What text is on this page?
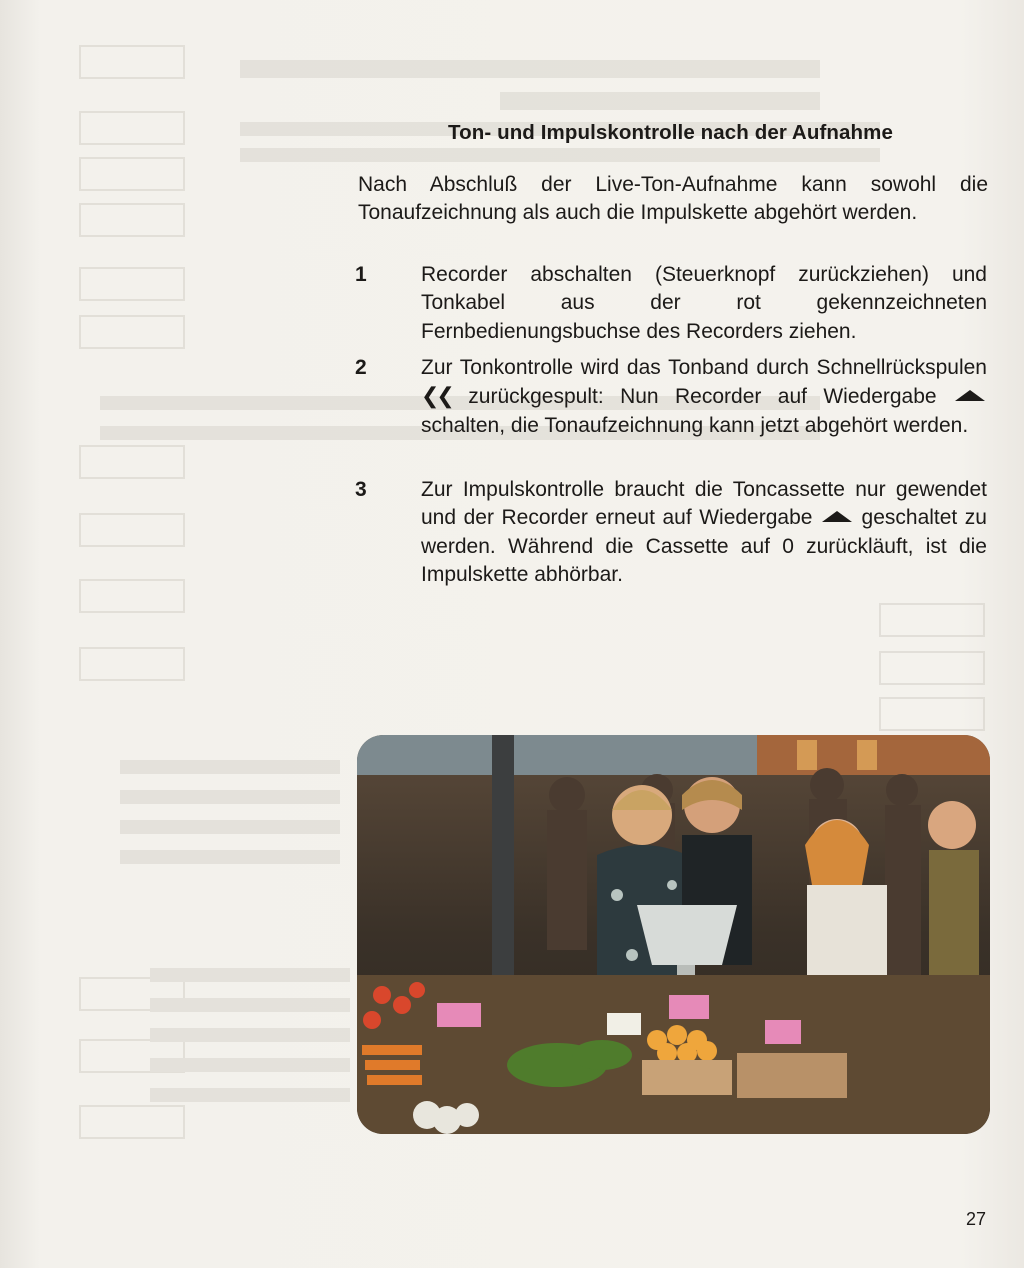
Ton- und Impulskontrolle nach der Aufnahme

Nach Abschluß der Live-Ton-Aufnahme kann sowohl die Tonaufzeichnung als auch die Impulskette abgehört werden.

1	Recorder abschalten (Steuerknopf zurückziehen) und Tonkabel aus der rot gekennzeichneten Fernbedienungsbuchse des Recorders ziehen.

2	Zur Tonkontrolle wird das Tonband durch Schnellrückspulen ❮❮ zurückgespult: Nun Recorder auf Wiedergabe  schalten, die Tonaufzeichnung kann jetzt abgehört werden.

3	Zur Impulskontrolle braucht die Toncassette nur gewendet und der Recorder erneut auf Wiedergabe geschaltet zu werden. Während die Cassette auf 0 zurückläuft, ist die Impulskette abhörbar.

27
